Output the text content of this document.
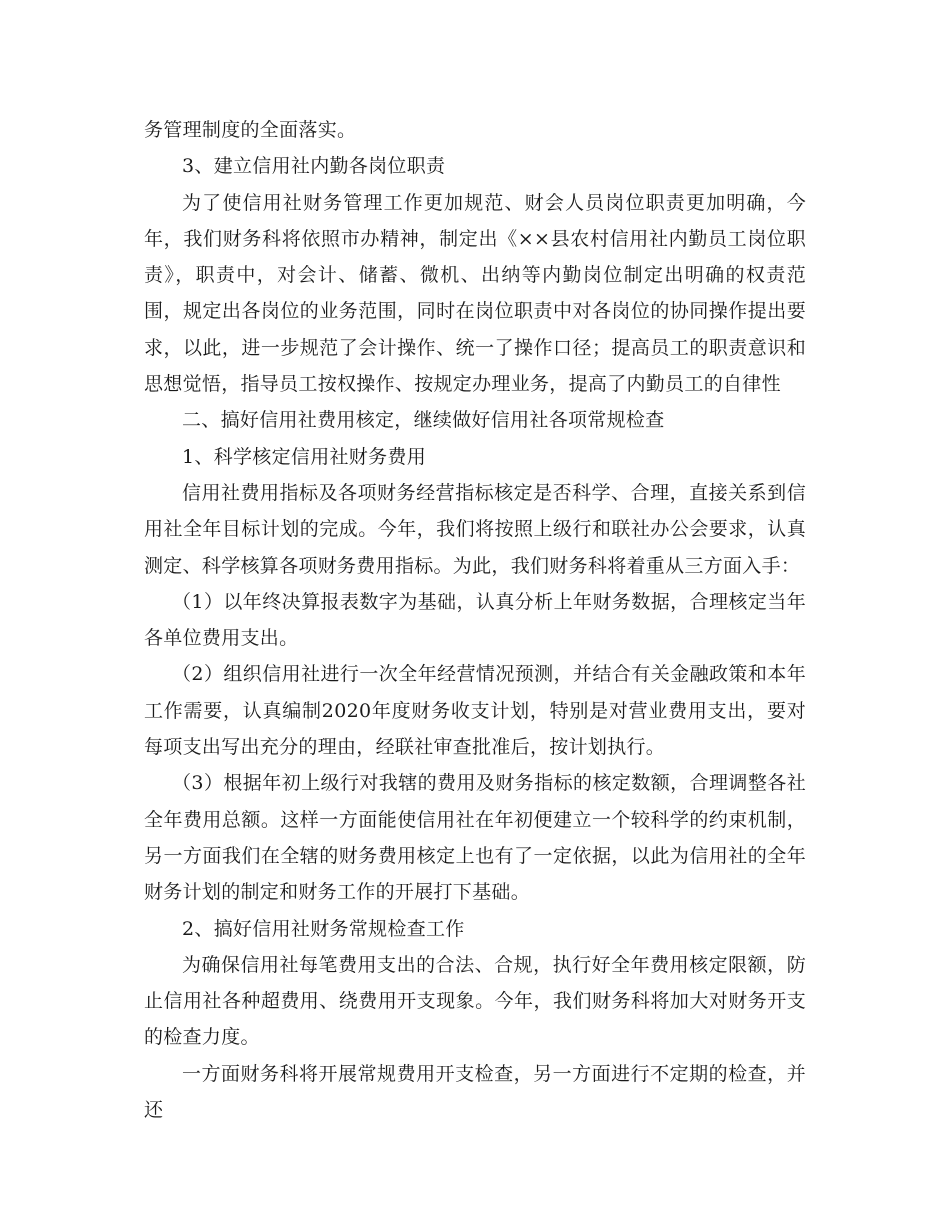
务管理制度的全面落实。

3、建立信用社内勤各岗位职责

为了使信用社财务管理工作更加规范、财会人员岗位职责更加明确，今年，我们财务科将依照市办精神，制定出《××县农村信用社内勤员工岗位职责》，职责中，对会计、储蓄、微机、出纳等内勤岗位制定出明确的权责范围，规定出各岗位的业务范围，同时在岗位职责中对各岗位的协同操作提出要求，以此，进一步规范了会计操作、统一了操作口径；提高员工的职责意识和思想觉悟，指导员工按权操作、按规定办理业务，提高了内勤员工的自律性

二、搞好信用社费用核定，继续做好信用社各项常规检查

1、科学核定信用社财务费用

信用社费用指标及各项财务经营指标核定是否科学、合理，直接关系到信用社全年目标计划的完成。今年，我们将按照上级行和联社办公会要求，认真测定、科学核算各项财务费用指标。为此，我们财务科将着重从三方面入手：

（1）以年终决算报表数字为基础，认真分析上年财务数据，合理核定当年各单位费用支出。

（2）组织信用社进行一次全年经营情况预测，并结合有关金融政策和本年工作需要，认真编制2020年度财务收支计划，特别是对营业费用支出，要对每项支出写出充分的理由，经联社审查批准后，按计划执行。

（3）根据年初上级行对我辖的费用及财务指标的核定数额，合理调整各社全年费用总额。这样一方面能使信用社在年初便建立一个较科学的约束机制，另一方面我们在全辖的财务费用核定上也有了一定依据，以此为信用社的全年财务计划的制定和财务工作的开展打下基础。

2、搞好信用社财务常规检查工作

为确保信用社每笔费用支出的合法、合规，执行好全年费用核定限额，防止信用社各种超费用、绕费用开支现象。今年，我们财务科将加大对财务开支的检查力度。

一方面财务科将开展常规费用开支检查，另一方面进行不定期的检查，并还
